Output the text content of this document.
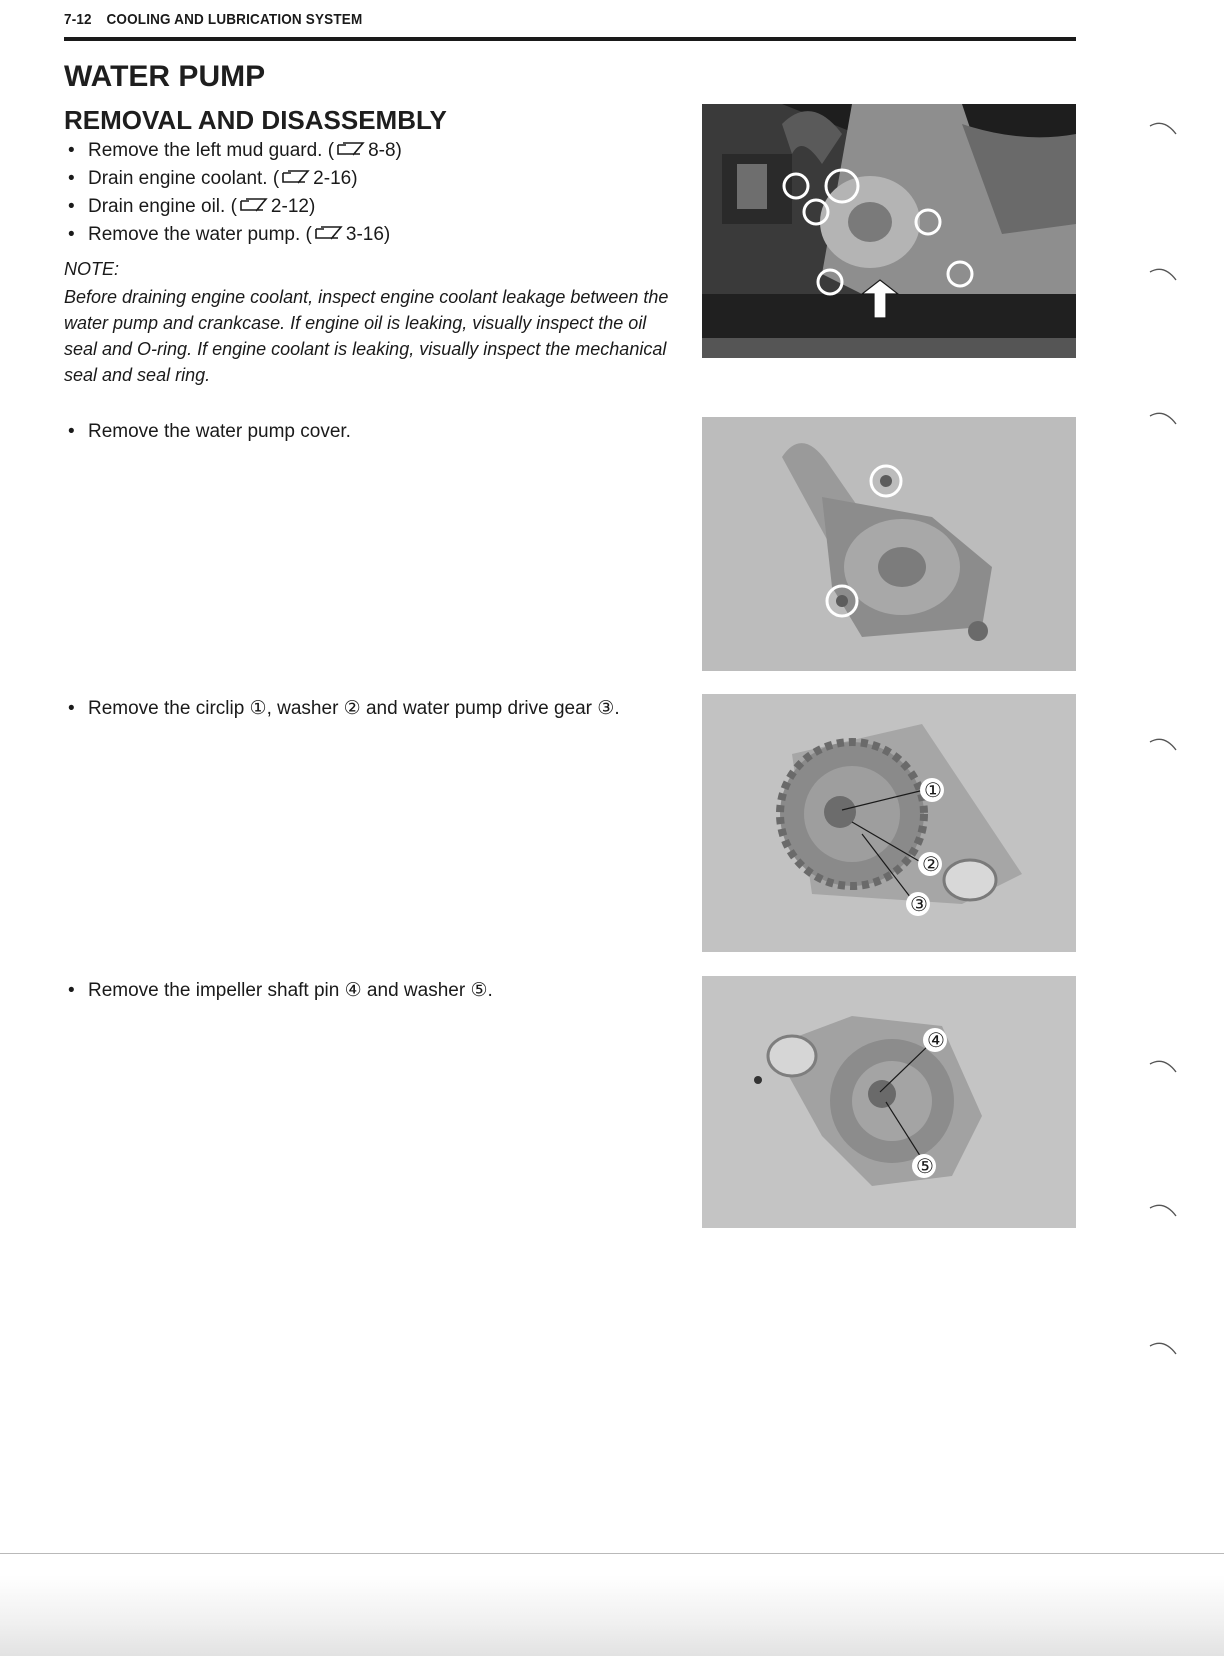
7-12 COOLING AND LUBRICATION SYSTEM
WATER PUMP
REMOVAL AND DISASSEMBLY
• Remove the left mud guard. ( 8-8)
• Drain engine coolant. ( 2-16)
• Drain engine oil. ( 2-12)
• Remove the water pump. ( 3-16)
NOTE:
Before draining engine coolant, inspect engine coolant leakage between the water pump and crankcase. If engine oil is leaking, visually inspect the oil seal and O-ring. If engine coolant is leaking, visually inspect the mechanical seal and seal ring.
• Remove the water pump cover.
• Remove the circlip ①, washer ② and water pump drive gear ③.
• Remove the impeller shaft pin ④ and washer ⑤.
①
②
③
④
⑤
